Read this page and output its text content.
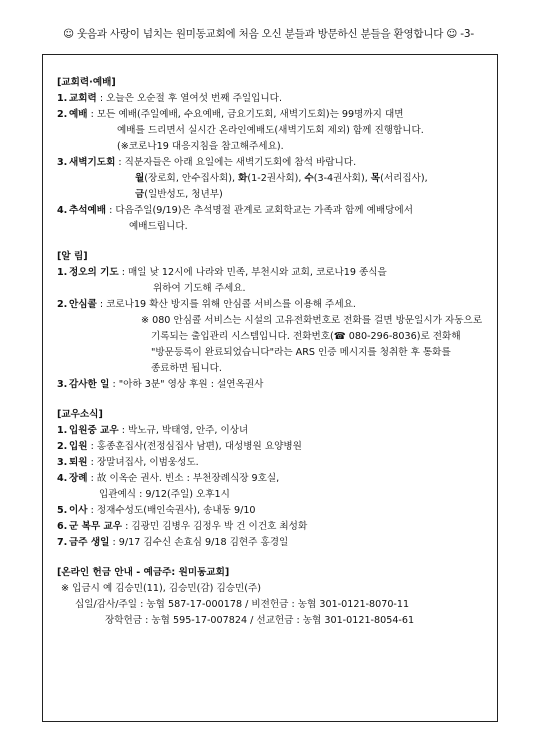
☺ 웃음과 사랑이 넘치는 원미동교회에 처음 오신 분들과 방문하신 분들을 환영합니다 ☺ -3-
[교회력·예배]
1. 교회력 : 오늘은 오순절 후 열여섯 번째 주일입니다.
2. 예배 : 모든 예배(주일예배, 수요예배, 금요기도회, 새벽기도회)는 99명까지 대면
예배를 드리면서 실시간 온라인예배도(새벽기도회 제외) 함께 진행합니다.
(※코로나19 대응지침을 참고해주세요).
3. 새벽기도회 : 직분자들은 아래 요일에는 새벽기도회에 참석 바랍니다.
월(장로회, 안수집사회), 화(1-2권사회), 수(3-4권사회), 목(서리집사),
금(일반성도, 청년부)
4. 추석예배 : 다음주일(9/19)은 추석명절 관계로 교회학교는 가족과 함께 예배당에서
예배드립니다.
[알 림]
1. 정오의 기도 : 매일 낮 12시에 나라와 민족, 부천시와 교회, 코로나19 종식을
위하여 기도해 주세요.
2. 안심콜 : 코로나19 확산 방지를 위해 안심콜 서비스를 이용해 주세요.
※ 080 안심콜 서비스는 시설의 고유전화번호로 전화를 걸면 방문일시가 자동으로
기록되는 출입관리 시스템입니다. 전화번호(☎ 080-296-8036)로 전화해
"방문등록이 완료되었습니다"라는 ARS 인증 메시지를 청취한 후 통화를
종료하면 됩니다.
3. 감사한 일 : "아하 3분" 영상 후원 : 설연옥권사
[교우소식]
1. 입원중 교우 : 박노규, 박태영, 안주, 이상녀
2. 입원 : 홍종훈집사(전정심집사 남편), 대성병원 요양병원
3. 퇴원 : 장말녀집사, 이범웅성도.
4. 장례 : 故 이옥순 권사. 빈소 : 부천장례식장 9호실,
입관예식 : 9/12(주일) 오후1시
5. 이사 : 정재수성도(배인숙권사), 송내동 9/10
6. 군 복무 교우 : 김광민 김병우 김정우 박 건 이건호 최성화
7. 금주 생일 : 9/17 김수신 손효심 9/18 김현주 홍경일
[온라인 헌금 안내 - 예금주: 원미동교회]
※ 입금시 예 김승민(11), 김승민(감) 김승민(주)
십일/감사/주일 : 농협 587-17-000178 / 비전헌금 : 농협 301-0121-8070-11
장학헌금 : 농협 595-17-007824 / 선교헌금 : 농협 301-0121-8054-61
